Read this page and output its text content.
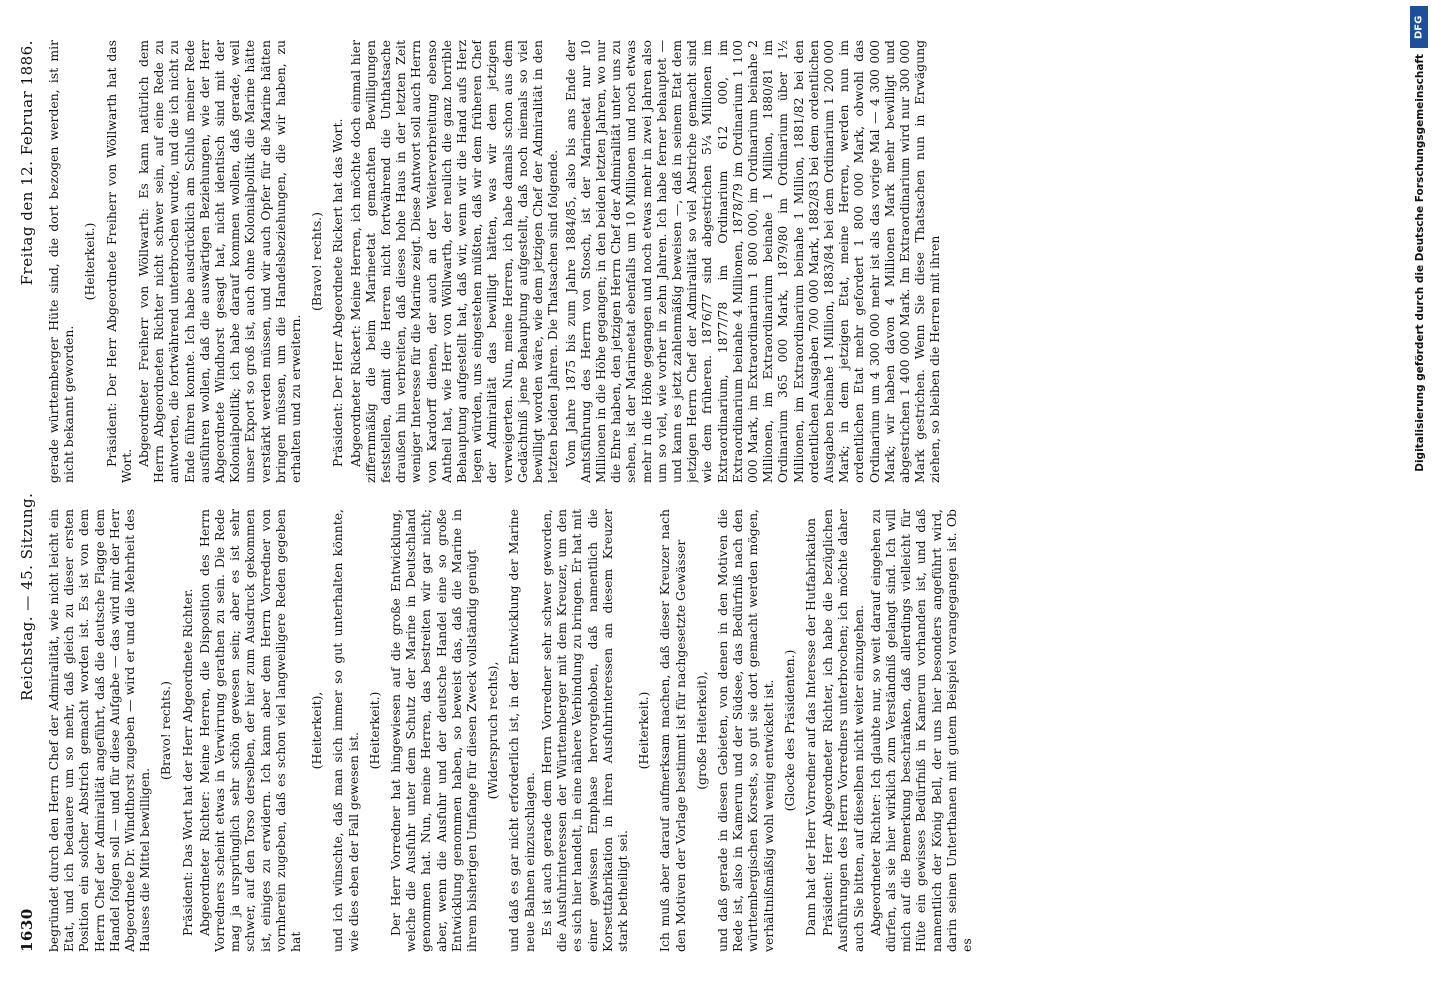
1630
Reichstag. — 45. Sitzung.
Freitag den 12. Februar 1886.

begründet durch den Herrn Chef der Admiralität, wie nicht leicht ein Etat, und ich bedauere um so mehr, daß gleich zu dieser ersten Position ein solcher Abstrich gemacht worden ist. Es ist von dem Herrn Chef der Admiralität angeführt, daß die deutsche Flagge dem Handel folgen soll — und für diese Aufgabe — das wird mir der Herr Abgeordnete Dr. Windthorst zugeben — wird er und die Mehrheit des Hauses die Mittel bewilligen.

(Bravo! rechts.) Präsident: Das Wort hat der Herr Abgeordnete Richter. Abgeordneter Richter: Meine Herren, die Disposition des Herrn Vorredners scheint etwas in Verwirrung gerathen zu sein. Die Rede mag ja ursprünglich sehr schön gewesen sein; aber es ist sehr schwer, auf den Torso derselben, der hier zum Ausdruck gekommen ist, einiges zu erwidern. Ich kann aber dem Herrn Vorredner von vornherein zugeben, daß es schon viel langweiligere Reden gegeben hat

(Heiterkeit), und ich wünschte, daß man sich immer so gut unterhalten könnte, wie dies eben der Fall gewesen ist.

(Heiterkeit.) Der Herr Vorredner hat hingewiesen auf die große Entwicklung, welche die Ausfuhr unter dem Schutz der Marine in Deutschland genommen hat. Nun, meine Herren, das bestreiten wir gar nicht; aber, wenn die Ausfuhr und der deutsche Handel eine so große Entwicklung genommen haben, so beweist das, daß die Marine in ihrem bisherigen Umfange für diesen Zweck vollständig genügt (Widerspruch rechts), und daß es gar nicht erforderlich ist, in der Entwicklung der Marine neue Bahnen einzuschlagen. Es ist auch gerade dem Herrn Vorredner sehr schwer geworden, die Ausfuhrinteressen der Württemberger mit dem Kreuzer, um den es sich hier handelt, in eine nähere Verbindung zu bringen. Er hat mit einer gewissen Emphase hervorgehoben, daß namentlich die Korsettfabrikation in ihren Ausfuhrinteressen an diesem Kreuzer stark betheiligt sei.

(Heiterkeit.) Ich muß aber darauf aufmerksam machen, daß dieser Kreuzer nach den Motiven der Vorlage bestimmt ist für nachgesetzte Gewässer (große Heiterkeit), und daß gerade in diesen Gebieten, von denen in den Motiven die Rede ist, also in Kamerun und der Südsee, das Bedürfniß nach den württembergischen Korsets, so gut sie dort gemacht werden mögen, verhältnißmäßig wohl wenig entwickelt ist. (Glocke des Präsidenten.) Dann hat der Herr Vorredner auf das Interesse der Hutfabrikation Präsident: Herr Abgeordneter Richter, ich habe die bezüglichen Ausführungen des Herrn Vorredners unterbrochen; ich möchte daher auch Sie bitten, auf dieselben nicht weiter einzugehen. Abgeordneter Richter: Ich glaubte nur, so weit darauf eingehen zu dürfen, als sie hier wirklich zum Verständniß gelangt sind. Ich will mich auf die Bemerkung beschränken, daß allerdings vielleicht für Hüte ein gewisses Bedürfniß in Kamerun vorhanden ist, und daß namentlich der König Bell, der uns hier besonders angeführt wird, darin seinen Unterthanen mit gutem Beispiel vorangegangen ist. Ob es

gerade württemberger Hüte sind, die dort bezogen werden, ist mir nicht bekannt geworden.

(Heiterkeit.) Präsident: Der Herr Abgeordnete Freiherr von Wöllwarth hat das Wort. Abgeordneter Freiherr von Wöllwarth: Es kann natürlich dem Herrn Abgeordneten Richter nicht schwer sein, auf eine Rede zu antworten, die fortwährend unterbrochen wurde, und die ich nicht zu Ende führen konnte. Ich habe ausdrücklich am Schluß meiner Rede ausführen wollen, daß die auswärtigen Beziehungen, wie der Herr Abgeordnete Windhorst gesagt hat, nicht identisch sind mit der Kolonialpolitik; ich habe darauf kommen wollen, daß gerade, weil unser Export so groß ist, auch ohne Kolonialpolitik die Marine hätte verstärkt werden müssen, und wir auch Opfer für die Marine hätten bringen müssen, um die Handelsbeziehungen, die wir haben, zu erhalten und zu erweitern.

(Bravo! rechts.) Präsident: Der Herr Abgeordnete Rickert hat das Wort. Abgeordneter Rickert: Meine Herren, ich möchte doch einmal hier ziffernmäßig die beim Marineetat gemachten Bewilligungen feststellen, damit die Herren nicht fortwährend die Unthatsache draußen hin verbreiten, daß dieses hohe Haus in der letzten Zeit weniger Interesse für die Marine zeigt. Diese Antwort soll auch Herrn von Kardorff dienen, der auch an der Weiterverbreitung ebenso Antheil hat, wie Herr von Wöllwarth, der neulich die ganz horrible Behauptung aufgestellt hat, daß wir, wenn wir die Hand aufs Herz legen würden, uns eingestehen müßten, daß wir dem früheren Chef der Admiralität das bewilligt hätten, was wir dem jetzigen verweigerten. Nun, meine Herren, ich habe damals schon aus dem Gedächtniß jene Behauptung aufgestellt, daß noch niemals so viel bewilligt worden wäre, wie dem jetzigen Chef der Admiralität in den letzten beiden Jahren. Die Thatsachen sind folgende. Vom Jahre 1875 bis zum Jahre 1884/85, also bis ans Ende der Amtsführung des Herrn von Stosch, ist der Marineetat nur 10 Millionen in die Höhe gegangen; in den beiden letzten Jahren, wo nur die Ehre haben, den jetzigen Herrn Chef der Admiralität unter uns zu sehen, ist der Marineetat ebenfalls um 10 Millionen und noch etwas mehr in die Höhe gegangen und noch etwas mehr in zwei Jahren also um so viel, wie vorher in zehn Jahren. Ich habe ferner behauptet — und kann es jetzt zahlenmäßig beweisen —, daß in seinem Etat dem jetzigen Herrn Chef der Admiralität so viel Abstriche gemacht sind wie dem früheren. 1876/77 sind abgestrichen 5¼ Millionen im Extraordinarium, 1877/78 im Ordinarium 612 000, im Extraordinarium beinahe 4 Millionen, 1878/79 im Ordinarium 1 100 000 Mark, im Extraordinarium 1 800 000, im Ordinarium beinahe 2 Millionen, im Extraordinarium beinahe 1 Million, 1880/81 im Ordinarium 365 000 Mark, 1879/80 im Ordinarium über 1½ Millionen, im Extraordinarium beinahe 1 Million, 1881/82 bei den ordentlichen Ausgaben 700 000 Mark, 1882/83 bei dem ordentlichen Ausgaben beinahe 1 Million, 1883/84 bei dem Ordinarium 1 200 000 Mark; in dem jetzigen Etat, meine Herren, werden nun im ordentlichen Etat mehr gefordert 1 800 000 Mark, obwohl das Ordinarium um 4 300 000 mehr ist als das vorige Mal — 4 300 000 Mark; wir haben davon 4 Millionen Mark mehr bewilligt und abgestrichen 1 400 000 Mark. Im Extraordinarium wird nur 300 000 Mark gestrichen. Wenn Sie diese Thatsachen nun in Erwägung ziehen, so bleiben die Herren mit ihren

DFG
Digitalisierung gefördert durch die Deutsche Forschungsgemeinschaft
